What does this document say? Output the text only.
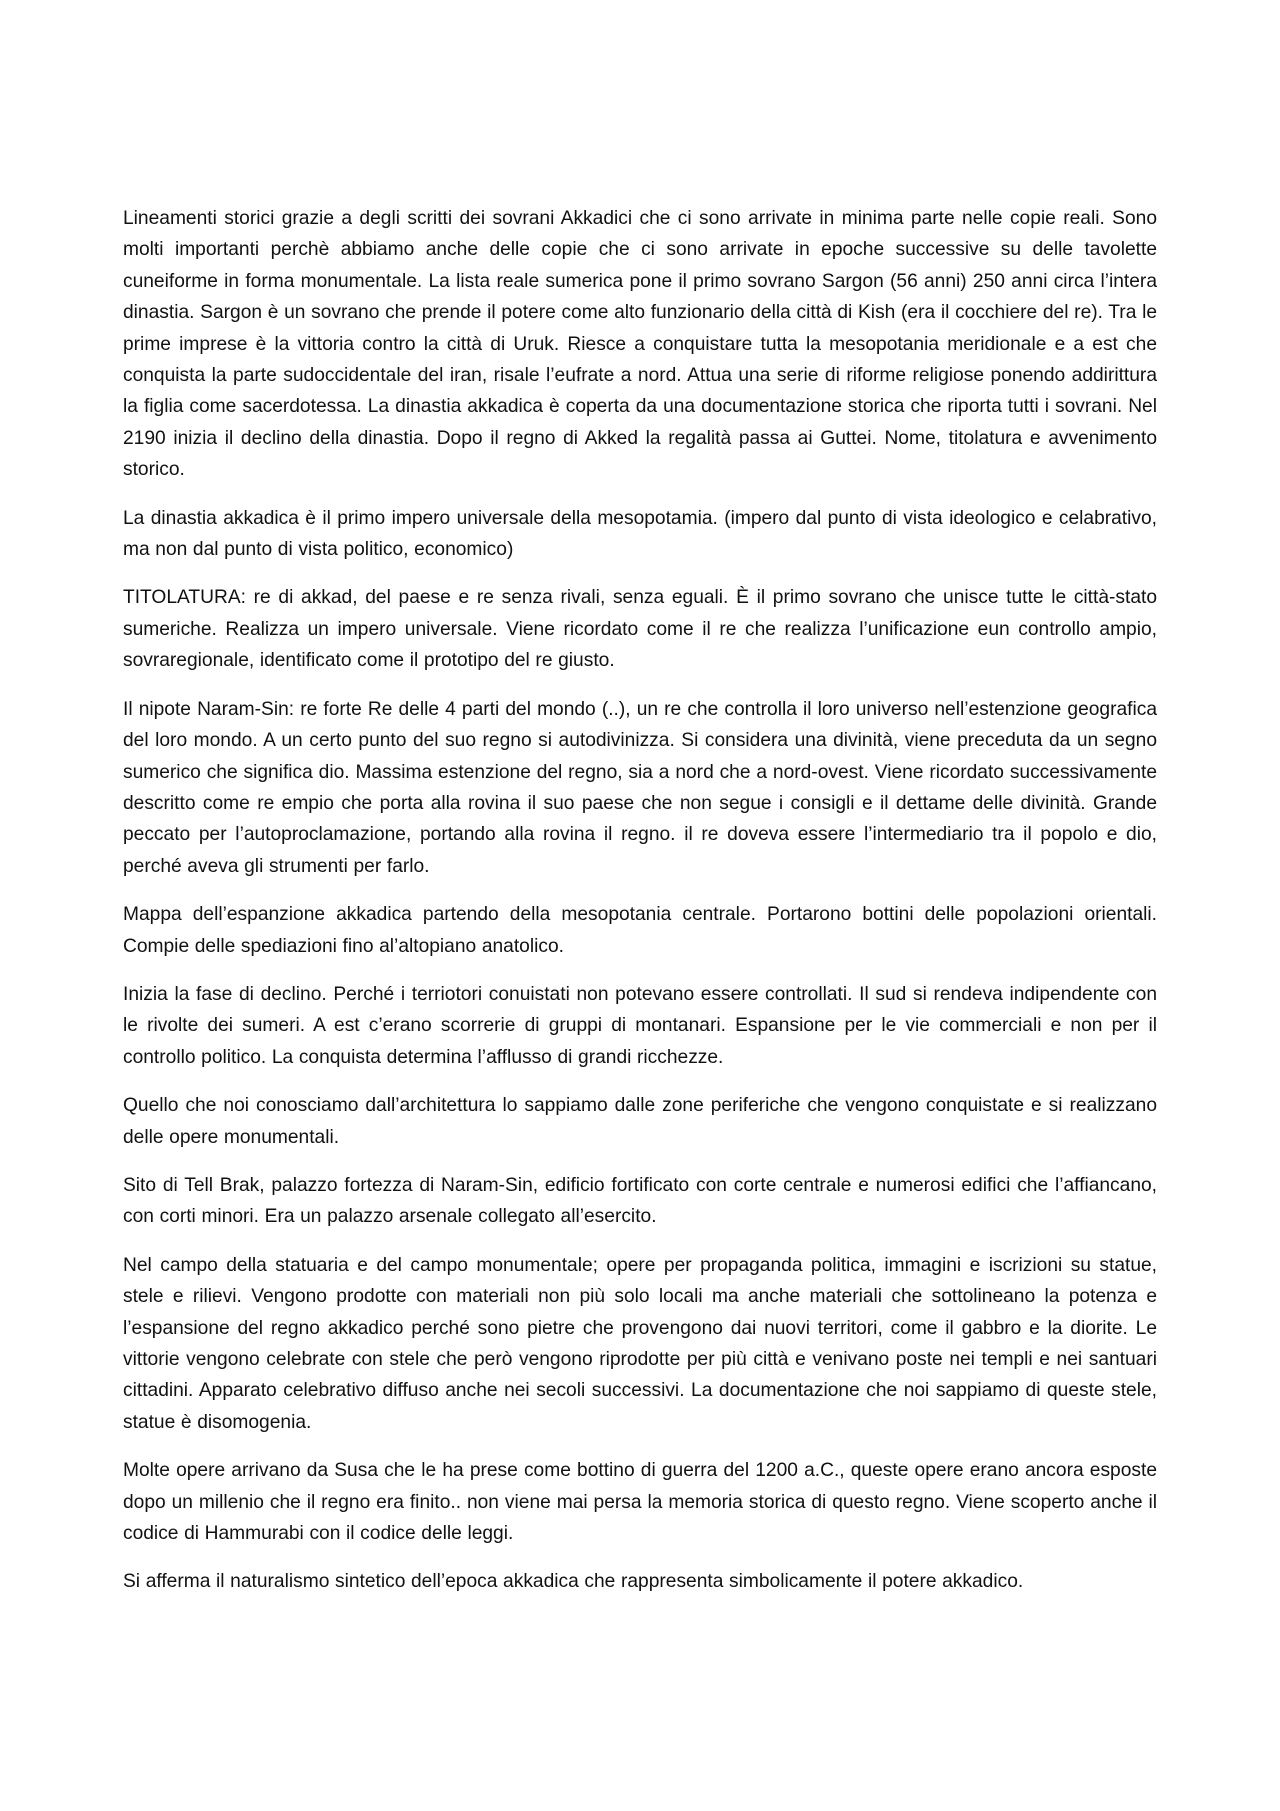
Lineamenti storici grazie a degli scritti dei sovrani Akkadici che ci sono arrivate in minima parte nelle copie reali. Sono molti importanti perchè abbiamo anche delle copie che ci sono arrivate in epoche successive su delle tavolette cuneiforme in forma monumentale. La lista reale sumerica pone il primo sovrano Sargon (56 anni) 250 anni circa l’intera dinastia. Sargon è un sovrano che prende il potere come alto funzionario della città di Kish (era il cocchiere del re). Tra le prime imprese è la vittoria contro la città di Uruk. Riesce a conquistare tutta la mesopotania meridionale e a est che conquista la parte sudoccidentale del iran, risale l’eufrate a nord. Attua una serie di riforme religiose ponendo addirittura la figlia come sacerdotessa. La dinastia akkadica è coperta da una documentazione storica che riporta tutti i sovrani. Nel 2190 inizia il declino della dinastia. Dopo il regno di Akked la regalità passa ai Guttei. Nome, titolatura e avvenimento storico.

La dinastia akkadica è il primo impero universale della mesopotamia. (impero dal punto di vista ideologico e celabrativo, ma non dal punto di vista politico, economico)

TITOLATURA: re di akkad, del paese e re senza rivali, senza eguali. È il primo sovrano che unisce tutte le città-stato sumeriche. Realizza un impero universale. Viene ricordato come il re che realizza l’unificazione eun controllo ampio, sovraregionale, identificato come il prototipo del re giusto.

Il nipote Naram-Sin: re forte Re delle 4 parti del mondo (..), un re che controlla il loro universo nell’estenzione geografica del loro mondo. A un certo punto del suo regno si autodivinizza. Si considera una divinità, viene preceduta da un segno sumerico che significa dio. Massima estenzione del regno, sia a nord che a nord-ovest. Viene ricordato successivamente descritto come re empio che porta alla rovina il suo paese che non segue i consigli e il dettame delle divinità. Grande peccato per l’autoproclamazione, portando alla rovina il regno. il re doveva essere l’intermediario tra il popolo e dio, perché aveva gli strumenti per farlo.

Mappa dell’espanzione akkadica partendo della mesopotania centrale. Portarono bottini delle popolazioni orientali. Compie delle spediazioni fino al’altopiano anatolico.

Inizia la fase di declino. Perché i terriotori conuistati non potevano essere controllati. Il sud si rendeva indipendente con le rivolte dei sumeri. A est c’erano scorrerie di gruppi di montanari. Espansione per le vie commerciali e non per il controllo politico. La conquista determina l’afflusso di grandi ricchezze.

Quello che noi conosciamo dall’architettura lo sappiamo dalle zone periferiche che vengono conquistate e si realizzano delle opere monumentali.

Sito di Tell Brak, palazzo fortezza di Naram-Sin, edificio fortificato con corte centrale e numerosi edifici che l’affiancano, con corti minori. Era un palazzo arsenale collegato all’esercito.

Nel campo della statuaria e del campo monumentale; opere per propaganda politica, immagini e iscrizioni su statue, stele e rilievi. Vengono prodotte con materiali non più solo locali ma anche materiali che sottolineano la potenza e l’espansione del regno akkadico perché sono pietre che provengono dai nuovi territori, come il gabbro e la diorite. Le vittorie vengono celebrate con stele che però vengono riprodotte per più città e venivano poste nei templi e nei santuari cittadini. Apparato celebrativo diffuso anche nei secoli successivi. La documentazione che noi sappiamo di queste stele, statue è disomogenia.

Molte opere arrivano da Susa che le ha prese come bottino di guerra del 1200 a.C., queste opere erano ancora esposte dopo un millenio che il regno era finito.. non viene mai persa la memoria storica di questo regno. Viene scoperto anche il codice di Hammurabi con il codice delle leggi.

Si afferma il naturalismo sintetico dell’epoca akkadica che rappresenta simbolicamente il potere akkadico.
